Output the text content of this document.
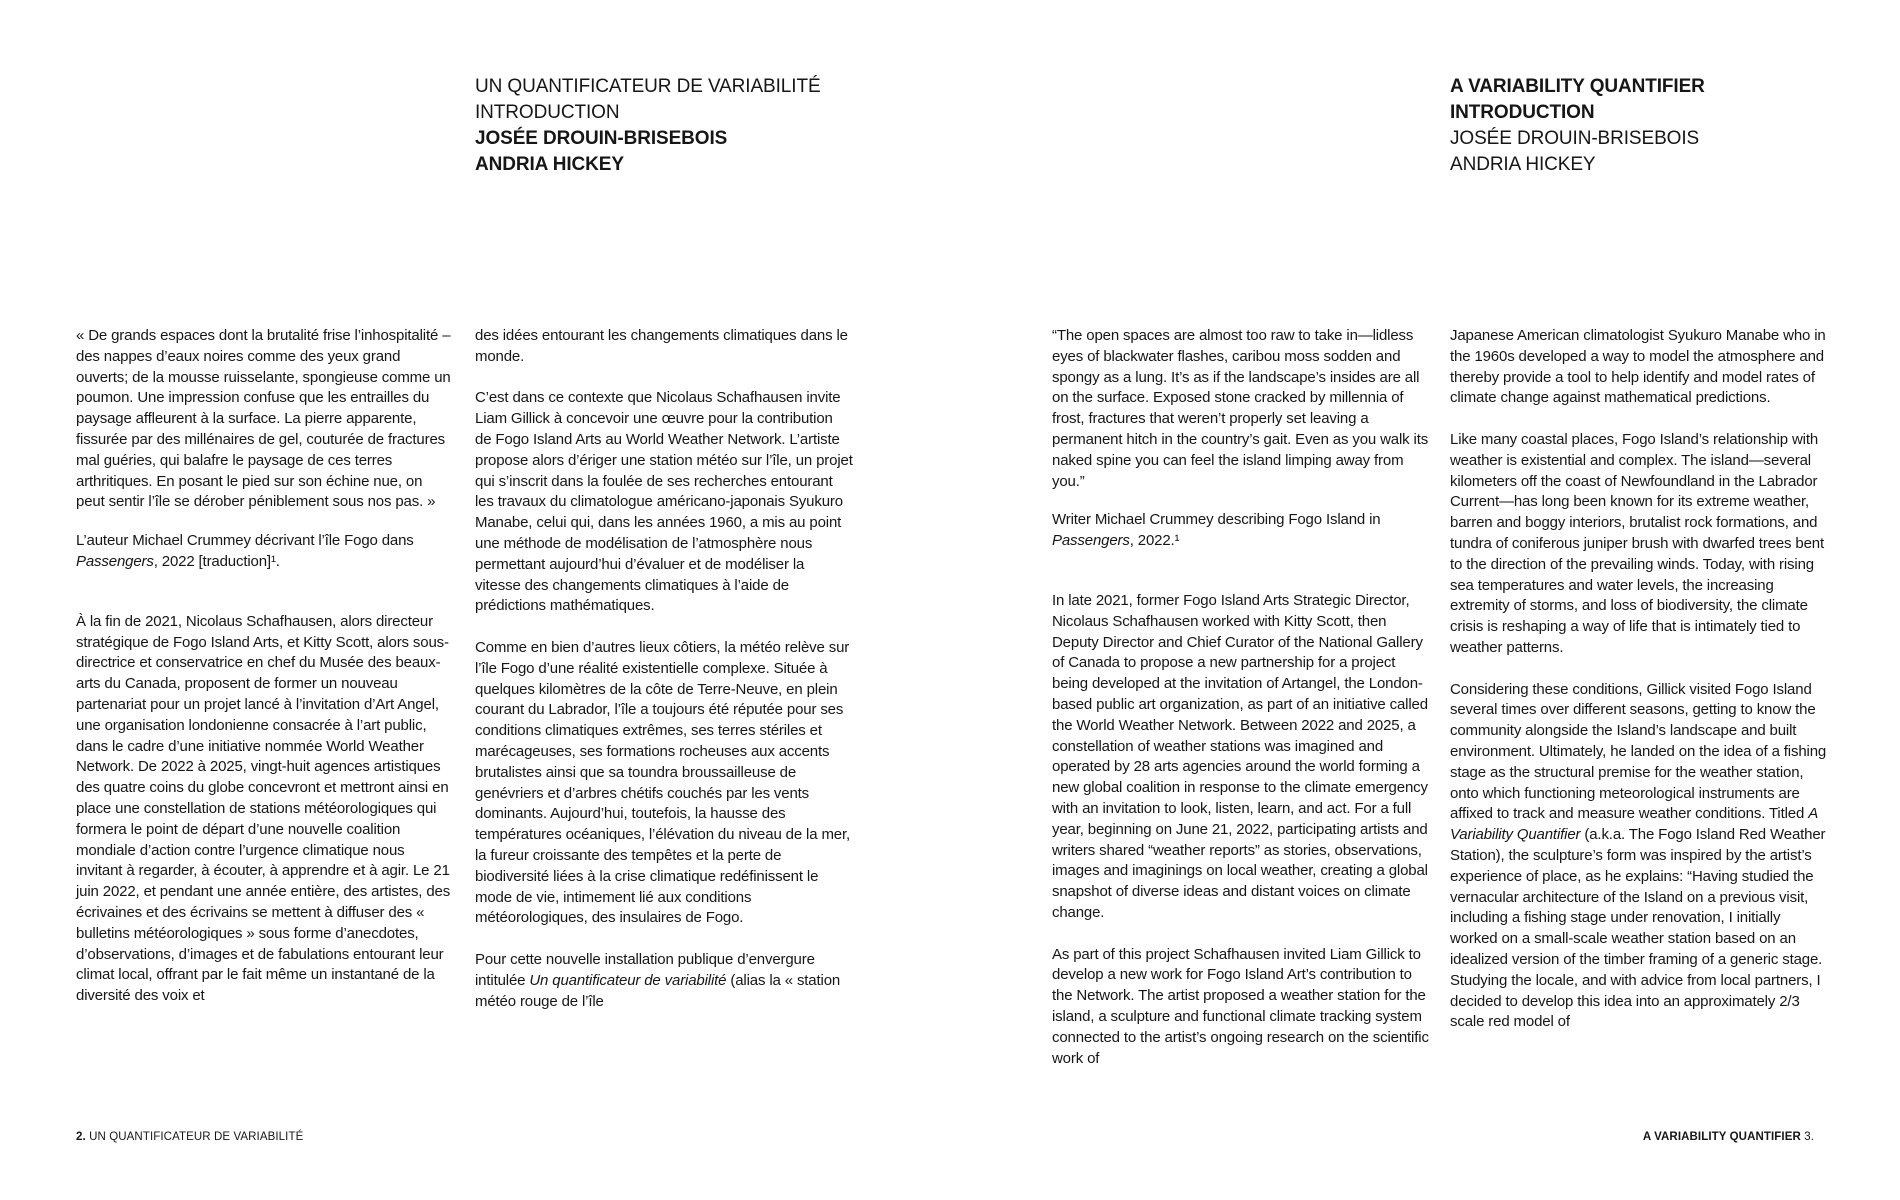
UN QUANTIFICATEUR DE VARIABILITÉ
INTRODUCTION
JOSÉE DROUIN-BRISEBOIS
ANDRIA HICKEY

« De grands espaces dont la brutalité frise l’inhospitalité – des nappes d’eaux noires comme des yeux grand ouverts; de la mousse ruisselante, spongieuse comme un poumon. Une impression confuse que les entrailles du paysage affleurent à la surface. La pierre apparente, fissurée par des millénaires de gel, couturée de fractures mal guéries, qui balafre le paysage de ces terres arthritiques. En posant le pied sur son échine nue, on peut sentir l’île se dérober péniblement sous nos pas. »

L’auteur Michael Crummey décrivant l’île Fogo dans Passengers, 2022 [traduction]¹.

À la fin de 2021, Nicolaus Schafhausen, alors directeur stratégique de Fogo Island Arts, et Kitty Scott, alors sous-directrice et conservatrice en chef du Musée des beaux-arts du Canada, proposent de former un nouveau partenariat pour un projet lancé à l’invitation d’Art Angel, une organisation londonienne consacrée à l’art public, dans le cadre d’une initiative nommée World Weather Network. De 2022 à 2025, vingt-huit agences artistiques des quatre coins du globe concevront et mettront ainsi en place une constellation de stations météorologiques qui formera le point de départ d’une nouvelle coalition mondiale d’action contre l’urgence climatique nous invitant à regarder, à écouter, à apprendre et à agir. Le 21 juin 2022, et pendant une année entière, des artistes, des écrivaines et des écrivains se mettent à diffuser des « bulletins météorologiques » sous forme d’anecdotes, d’observations, d’images et de fabulations entourant leur climat local, offrant par le fait même un instantané de la diversité des voix et

des idées entourant les changements climatiques dans le monde.

C’est dans ce contexte que Nicolaus Schafhausen invite Liam Gillick à concevoir une œuvre pour la contribution de Fogo Island Arts au World Weather Network. L’artiste propose alors d’ériger une station météo sur l’île, un projet qui s’inscrit dans la foulée de ses recherches entourant les travaux du climatologue américano-japonais Syukuro Manabe, celui qui, dans les années 1960, a mis au point une méthode de modélisation de l’atmosphère nous permettant aujourd’hui d’évaluer et de modéliser la vitesse des changements climatiques à l’aide de prédictions mathématiques.

Comme en bien d’autres lieux côtiers, la météo relève sur l’île Fogo d’une réalité existentielle complexe. Située à quelques kilomètres de la côte de Terre-Neuve, en plein courant du Labrador, l’île a toujours été réputée pour ses conditions climatiques extrêmes, ses terres stériles et marécageuses, ses formations rocheuses aux accents brutalistes ainsi que sa toundra broussailleuse de genévriers et d’arbres chétifs couchés par les vents dominants. Aujourd’hui, toutefois, la hausse des températures océaniques, l’élévation du niveau de la mer, la fureur croissante des tempêtes et la perte de biodiversité liées à la crise climatique redéfinissent le mode de vie, intimement lié aux conditions météorologiques, des insulaires de Fogo.

Pour cette nouvelle installation publique d’envergure intitulée Un quantificateur de variabilité (alias la « station météo rouge de l’île

2. UN QUANTIFICATEUR DE VARIABILITÉ
A VARIABILITY QUANTIFIER
INTRODUCTION
JOSÉE DROUIN-BRISEBOIS
ANDRIA HICKEY

“The open spaces are almost too raw to take in—lidless eyes of blackwater flashes, caribou moss sodden and spongy as a lung. It’s as if the landscape’s insides are all on the surface. Exposed stone cracked by millennia of frost, fractures that weren’t properly set leaving a permanent hitch in the country’s gait. Even as you walk its naked spine you can feel the island limping away from you.”

Writer Michael Crummey describing Fogo Island in Passengers, 2022.¹

In late 2021, former Fogo Island Arts Strategic Director, Nicolaus Schafhausen worked with Kitty Scott, then Deputy Director and Chief Curator of the National Gallery of Canada to propose a new partnership for a project being developed at the invitation of Artangel, the London-based public art organization, as part of an initiative called the World Weather Network. Between 2022 and 2025, a constellation of weather stations was imagined and operated by 28 arts agencies around the world forming a new global coalition in response to the climate emergency with an invitation to look, listen, learn, and act. For a full year, beginning on June 21, 2022, participating artists and writers shared “weather reports” as stories, observations, images and imaginings on local weather, creating a global snapshot of diverse ideas and distant voices on climate change.

As part of this project Schafhausen invited Liam Gillick to develop a new work for Fogo Island Art’s contribution to the Network. The artist proposed a weather station for the island, a sculpture and functional climate tracking system connected to the artist’s ongoing research on the scientific work of

Japanese American climatologist Syukuro Manabe who in the 1960s developed a way to model the atmosphere and thereby provide a tool to help identify and model rates of climate change against mathematical predictions.

Like many coastal places, Fogo Island’s relationship with weather is existential and complex. The island—several kilometers off the coast of Newfoundland in the Labrador Current—has long been known for its extreme weather, barren and boggy interiors, brutalist rock formations, and tundra of coniferous juniper brush with dwarfed trees bent to the direction of the prevailing winds. Today, with rising sea temperatures and water levels, the increasing extremity of storms, and loss of biodiversity, the climate crisis is reshaping a way of life that is intimately tied to weather patterns.

Considering these conditions, Gillick visited Fogo Island several times over different seasons, getting to know the community alongside the Island’s landscape and built environment. Ultimately, he landed on the idea of a fishing stage as the structural premise for the weather station, onto which functioning meteorological instruments are affixed to track and measure weather conditions. Titled A Variability Quantifier (a.k.a. The Fogo Island Red Weather Station), the sculpture’s form was inspired by the artist’s experience of place, as he explains: “Having studied the vernacular architecture of the Island on a previous visit, including a fishing stage under renovation, I initially worked on a small-scale weather station based on an idealized version of the timber framing of a generic stage. Studying the locale, and with advice from local partners, I decided to develop this idea into an approximately 2/3 scale red model of

A VARIABILITY QUANTIFIER 3.
